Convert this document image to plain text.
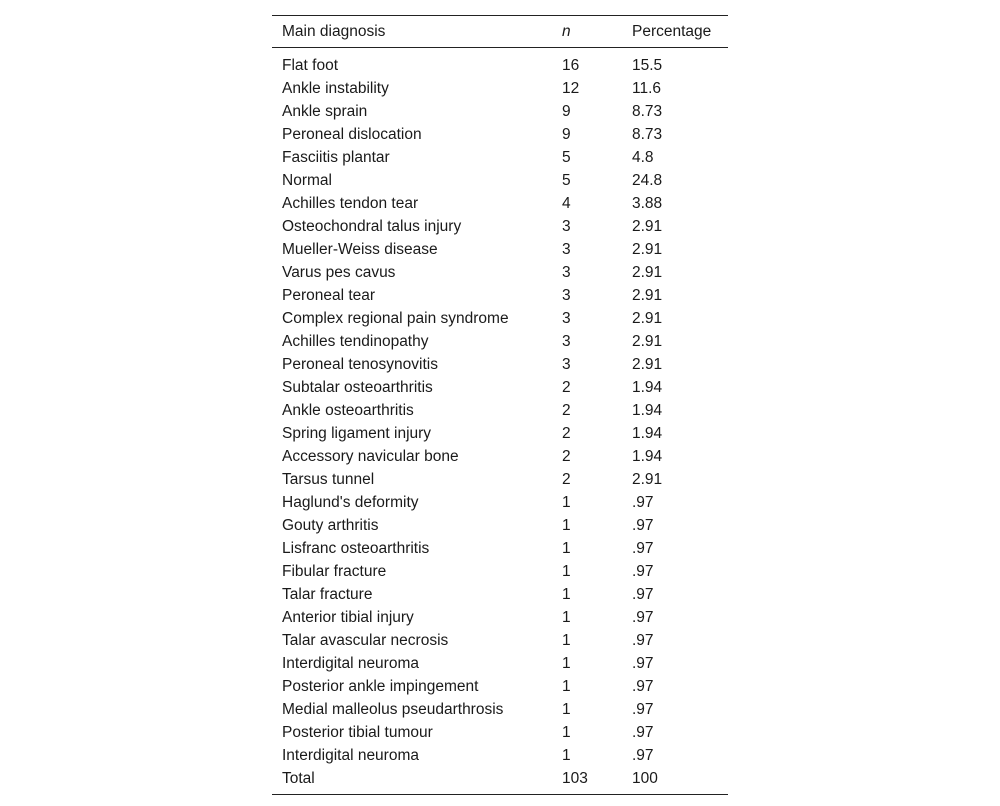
Main diagnosis	n	Percentage
Flat foot	16	15.5
Ankle instability	12	11.6
Ankle sprain	9	8.73
Peroneal dislocation	9	8.73
Fasciitis plantar	5	4.8
Normal	5	24.8
Achilles tendon tear	4	3.88
Osteochondral talus injury	3	2.91
Mueller-Weiss disease	3	2.91
Varus pes cavus	3	2.91
Peroneal tear	3	2.91
Complex regional pain syndrome	3	2.91
Achilles tendinopathy	3	2.91
Peroneal tenosynovitis	3	2.91
Subtalar osteoarthritis	2	1.94
Ankle osteoarthritis	2	1.94
Spring ligament injury	2	1.94
Accessory navicular bone	2	1.94
Tarsus tunnel	2	2.91
Haglund's deformity	1	.97
Gouty arthritis	1	.97
Lisfranc osteoarthritis	1	.97
Fibular fracture	1	.97
Talar fracture	1	.97
Anterior tibial injury	1	.97
Talar avascular necrosis	1	.97
Interdigital neuroma	1	.97
Posterior ankle impingement	1	.97
Medial malleolus pseudarthrosis	1	.97
Posterior tibial tumour	1	.97
Interdigital neuroma	1	.97
Total	103	100
